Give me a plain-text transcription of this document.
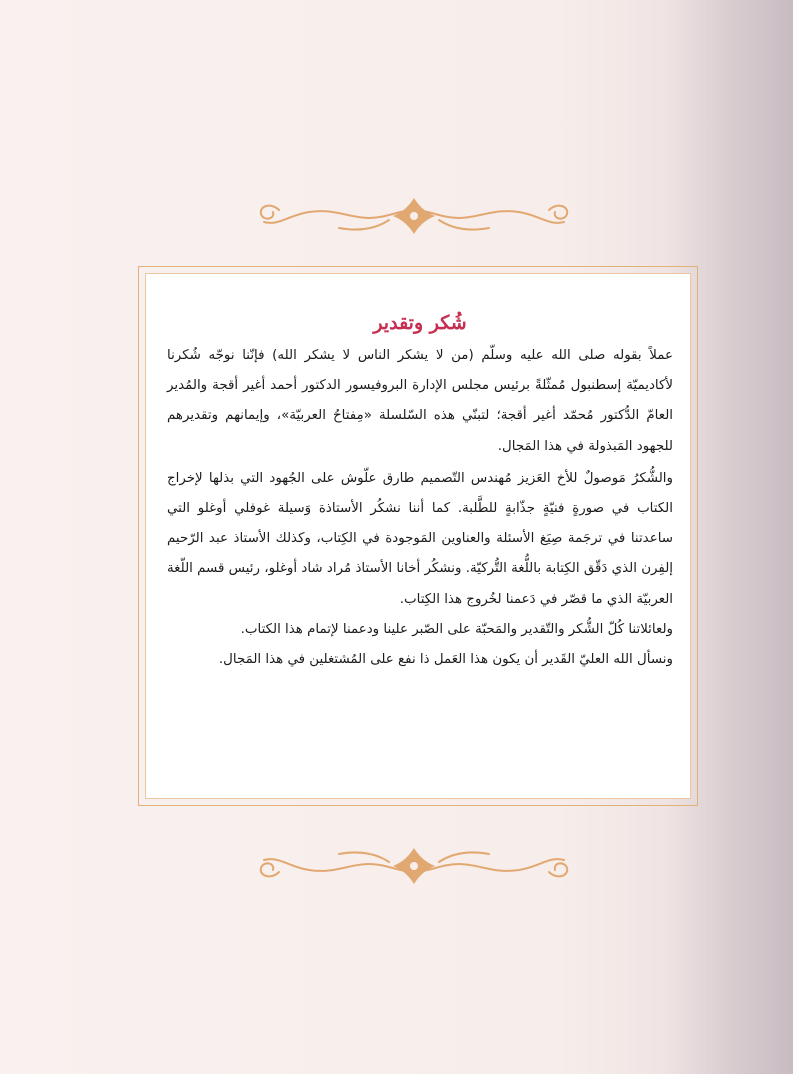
شُكر وتقدير

عملاً بقوله صلى الله عليه وسلّم (من لا يشكر الناس لا يشكر الله) فإنّنا نوجّه شُكرنا لأكاديميّة إسطنبول مُمثّلةً برئيس مجلس الإدارة البروفيسور الدكتور أحمد أغير أقجة والمُدير العامّ الدُّكتور مُحمّد أغير أقجة؛ لتبنّي هذه السّلسلة «مِفتاحُ العربيّة»، وإيمانهم وتقديرهم للجهود المَبذولة في هذا المَجال.

والشُّكرُ مَوصولٌ للأخ العَزيز مُهندس التّصميم طارق علّوش على الجُهود التي بذلها لإخراج الكتاب في صورةٍ فنيّةٍ جذّابةٍ للطَّلبة. كما أننا نشكُر الأستاذة وَسيلة غوفلي أوغلو التي ساعدتنا في ترجَمة صِيَغ الأسئلة والعناوين المَوجودة في الكِتاب، وكذلك الأستاذ عبد الرّحيم إلفِرن الذي دَقّق الكِتابة باللُّغة التُّركيّة. ونشكُر أخانا الأستاذ مُراد شاد أوغلو، رئيس قسم اللّغة العربيّة الذي ما قصّر في دَعمنا لخُروج هذا الكِتاب.

ولعائلاتنا كُلّ الشُّكر والتّقدير والمَحبّة على الصّبر علينا ودعمنا لإتمام هذا الكتاب.

ونسأل الله العليّ القَدير أن يكون هذا العَمل ذا نفع على المُشتغلين في هذا المَجال.
